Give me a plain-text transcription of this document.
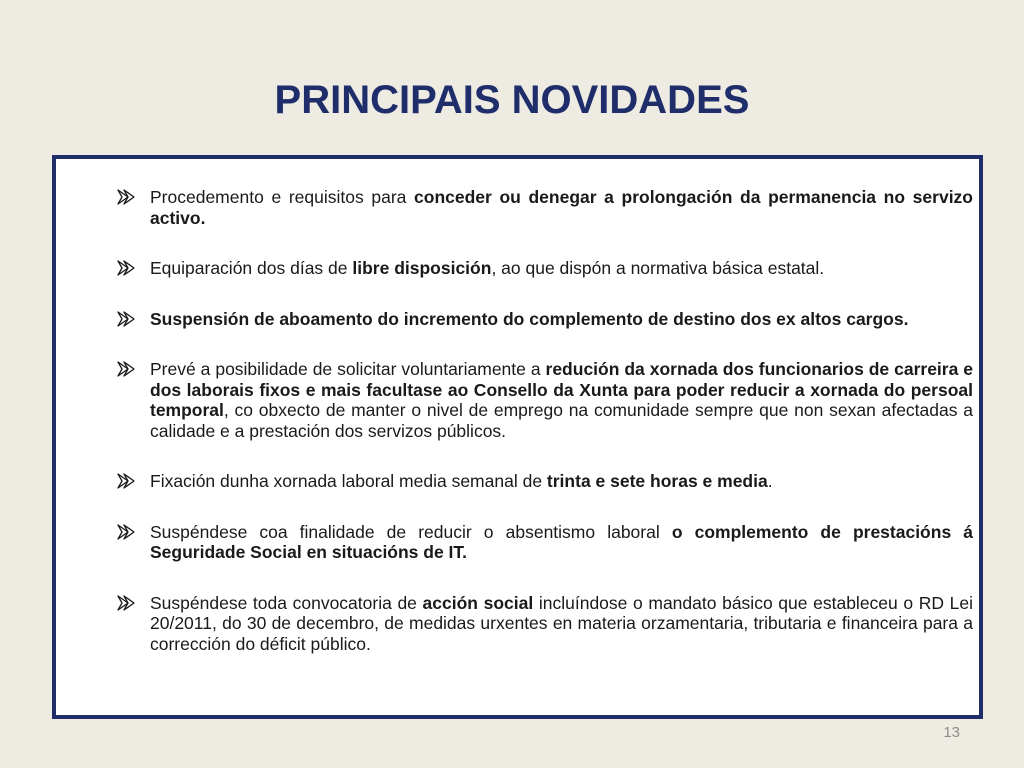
PRINCIPAIS NOVIDADES
Procedemento e requisitos para conceder ou denegar a prolongación da permanencia no servizo activo.
Equiparación dos días de libre disposición, ao que dispón a normativa básica estatal.
Suspensión de aboamento do incremento do complemento de destino dos ex altos cargos.
Prevé a posibilidade de solicitar voluntariamente a redución da xornada dos funcionarios de carreira e dos laborais fixos e mais facultase ao Consello da Xunta para poder reducir a xornada do persoal temporal, co obxecto de manter o nivel de emprego na comunidade sempre que non sexan afectadas a calidade e a prestación dos servizos públicos.
Fixación dunha xornada laboral media semanal de trinta e sete horas e media.
Suspéndese coa finalidade de reducir o absentismo laboral o complemento de prestacións á Seguridade Social en situacións de IT.
Suspéndese toda convocatoria de acción social incluíndose o mandato básico que estableceu o RD Lei 20/2011, do 30 de decembro, de medidas urxentes en materia orzamentaria, tributaria e financeira para a corrección do déficit público.
13
